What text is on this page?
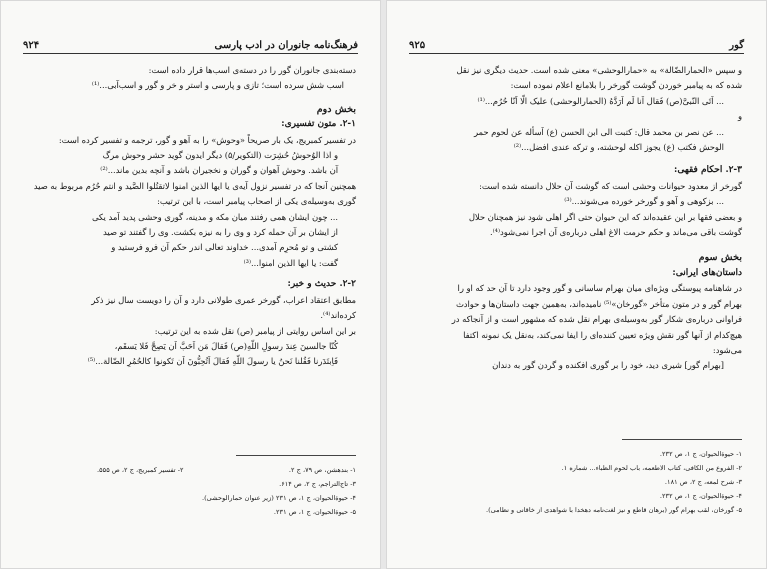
۹۲۴	فرهنگ‌نامه جانوران در ادب پارسی

دسته‌بندی جانوران گور را در دسته‌ی اسب‌ها قرار داده است:

اسب شش سرده است؛ تازی و پارسی و استر و خر و گور و اسب‌آبی...⁽¹⁾

بخش دوم

۲-۱. متون تفسیری:

در تفسیر کمبریج، یک بار صریحاً «وحوش» را به آهو و گور، ترجمه و تفسیر کرده است:

و اذا الوُحوشُ حُشِرَت (التکویر/۵) دیگر ایدون گوید حشر وحوش مرگ

آن باشد. وحوش آهوان و گوران و نخجیران باشد و آنچه بدین ماند...⁽²⁾

همچنین آنجا که در تفسیر نزول آیه‌ی یا ایها الذین امنوا لاتقتُلوا الصَّید و انتم حُرُم مربوط به صید

گوری به‌وسیله‌ی یکی از اصحاب پیامبر است، با این ترتیب:

... چون ایشان همی رفتند میان مکه و مدینه، گوری وحشی پدید آمد یکی

از ایشان بر آن حمله کرد و وی را به نیزه بکشت. وی را گفتند تو صید

کشتی و تو مُحرِم آمدی... خداوند تعالی اندر حکم آن فرو فرستید و

گفت: یا ایها الذین امنوا...⁽³⁾

۲-۲. حدیث و خبر:

مطابق اعتقاد اعراب، گورخر عمری طولانی دارد و آن را دویست سال نیز ذکر

کرده‌اند⁽⁴⁾.

بر این اساس روایتی از پیامبر (ص) نقل شده به این ترتیب:

کُنّا جالسینَ عِندَ رسولِ اللّهِ(ص) فَقالَ مَن اَحَبَّ اَن یَصِحَّ فَلا یَسقَم،

فَاِبتَدَرنا فَقُلنا نَحنُ یا رسولَ اللّهِ فَقالَ اَتُحِبُّونَ اَن تَکونوا کالحُمُرِ الضّالة...⁽⁵⁾

۱- بندهشن، ص ۷۹، ج ۲.
۳- تاج‌التراجم، ج ۲، ص ۶۱۴.
۴- حیوة‌الحیوان، ج ۱، ص ۲۳۱ (زیر عنوان حمارالوحشی).
۵- حیوة‌الحیوان، ج ۱، ص ۲۳۱.
۲- تفسیر کمبریج، ج ۲، ص ۵۵۵.
۹۲۵	گور

و سپس «الحمارالضّالة» به «حمارالوحشی» معنی شده است. حدیث دیگری نیز نقل

شده که به پیامبر خوردن گوشت گورخر را بلامانع اعلام نموده است:

... اَتَی النّبیَّ(ص) فَقال اَنا لَم اَرَدَّهُ (الحمارالوحشی) علیک الّا اَنّا حُرُم...⁽¹⁾

و

... عن نصر بن محمد قال: کتبت الی ابن الحسن (ع) اَسأله عن لحوم حمر

الوحش فکتب (ع) یجوز اکله لوحشته، و ترکه عندی افضل...⁽²⁾

۲-۳. احکام فقهی:

گورخر از معدود حیوانات وحشی است که گوشت آن حلال دانسته شده است:

... بزکوهی و آهو و گورخر خورده می‌شوند...⁽³⁾

و بعضی فقها بر این عقیده‌اند که این حیوان حتی اگر اهلی شود نیز همچنان حلال

گوشت باقی می‌ماند و حکم حرمت الاغ اهلی درباره‌ی آن اجرا نمی‌شود⁽⁴⁾.

بخش سوم

داستان‌های ایرانی:

در شاهنامه پیوستگی ویژه‌ای میان بهرام ساسانی و گور وجود دارد تا آن حد که او را

بهرام گور و در متون متأخر «گورخان»⁽⁵⁾ نامیده‌اند، به‌همین جهت داستان‌ها و حوادث

فراوانی درباره‌ی شکار گور به‌وسیله‌ی بهرام نقل شده که مشهور است و از آنجاکه در

هیچ‌کدام از آنها گور نقش ویژه تعیین کننده‌ای را ایفا نمی‌کند، به‌نقل یک نمونه اکتفا

می‌شود:

[بهرام گور] شیری دید، خود را بر گوری افکنده و گردن گور به دندان

۱- حیوة‌الحیوان، ج ۱، ص ۲۳۲.
۲- الفروع من الکافی، کتاب الاطعمه، باب لحوم الظباء... شماره ۱.
۳- شرح لمعه، ج ۲، ص ۱۸۱.
۴- حیوة‌الحیوان، ج ۱، ص ۲۳۲.
۵- گورخان، لقب بهرام گور (برهان قاطع و نیز لغت‌نامه دهخدا با شواهدی از خاقانی و نظامی).
